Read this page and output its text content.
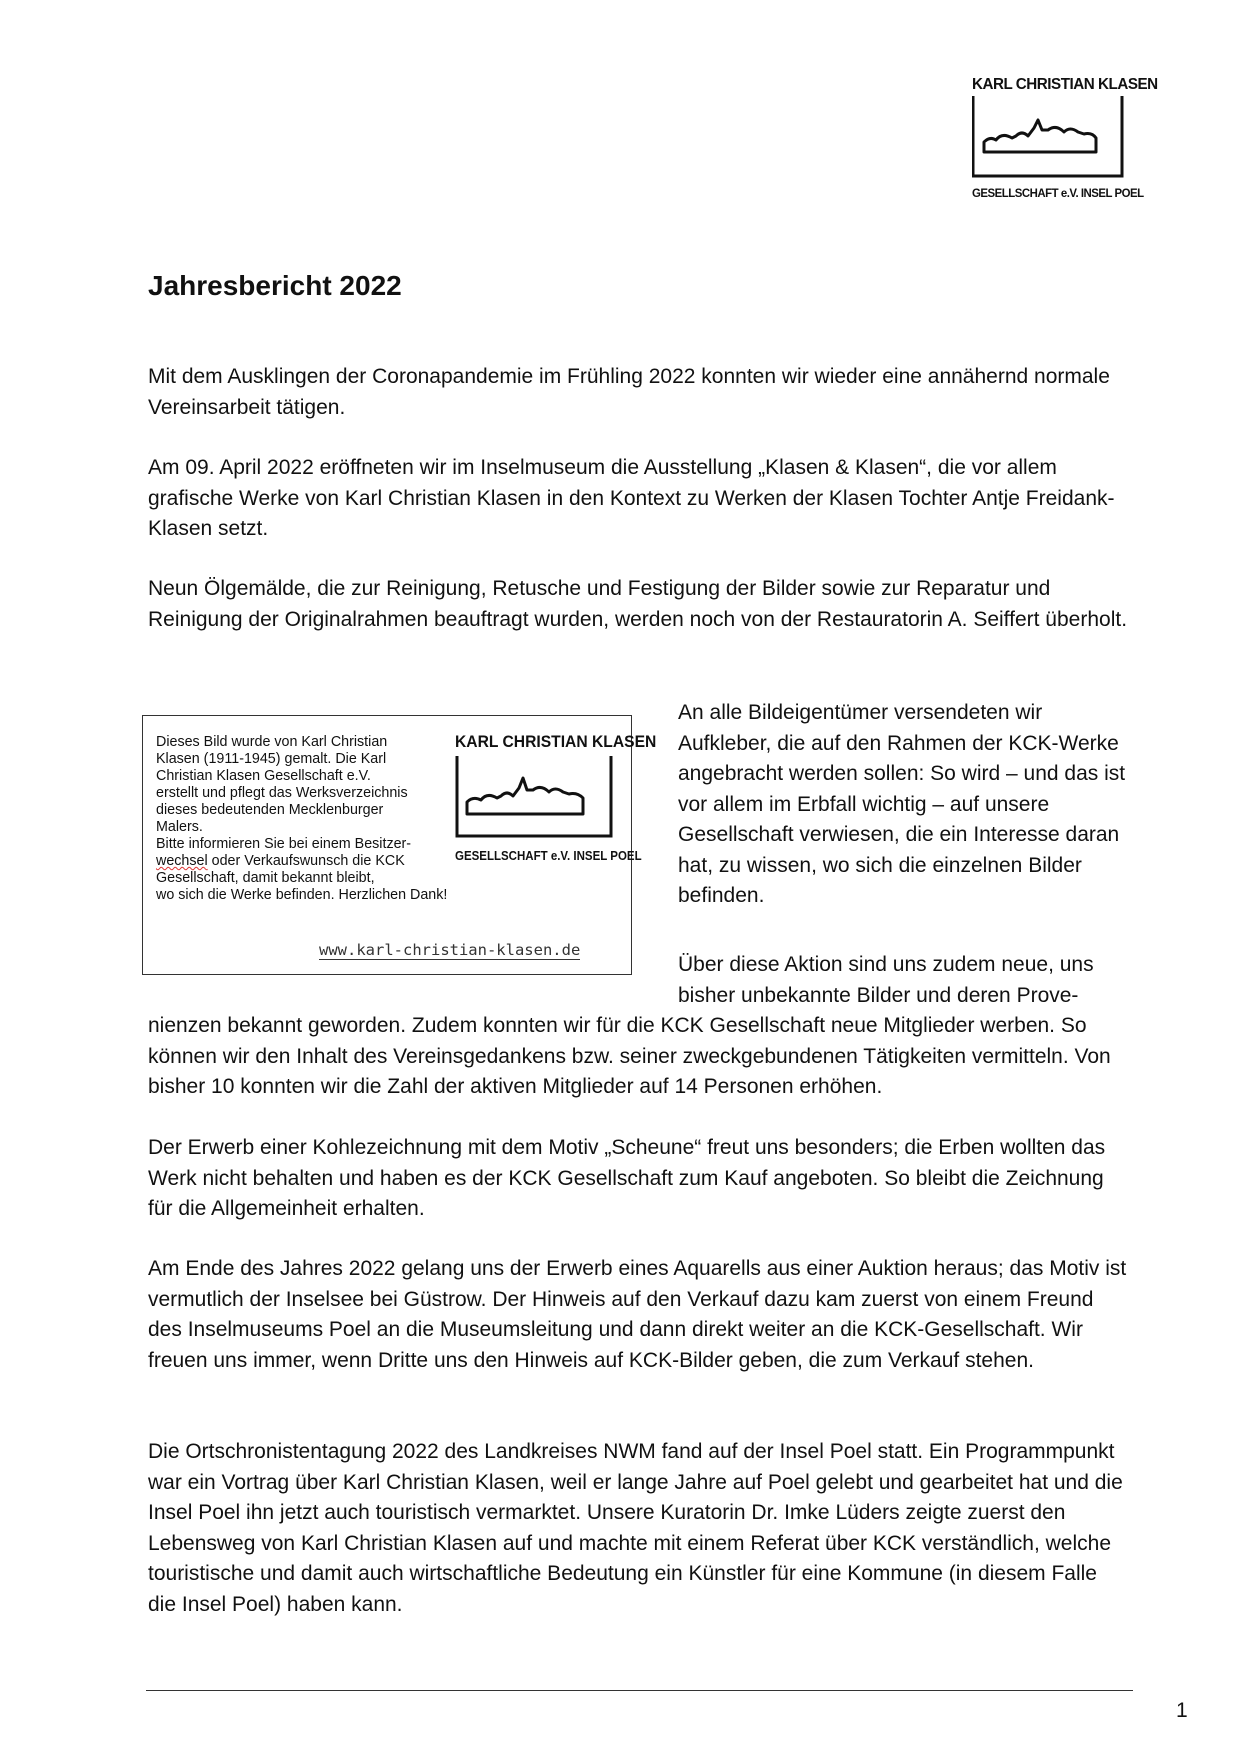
KARL CHRISTIAN KLASEN
GESELLSCHAFT e.V. INSEL POEL
Jahresbericht 2022

Mit dem Ausklingen der Coronapandemie im Frühling 2022 konnten wir wieder eine annähernd normale Vereinsarbeit tätigen.

Am 09. April 2022 eröffneten wir im Inselmuseum die Ausstellung „Klasen & Klasen“, die vor allem grafische Werke von Karl Christian Klasen in den Kontext zu Werken der Klasen Tochter Antje Freidank-Klasen setzt.

Neun Ölgemälde, die zur Reinigung, Retusche und Festigung der Bilder sowie zur Reparatur und Reinigung der Originalrahmen beauftragt wurden, werden noch von der Restauratorin A. Seiffert überholt.

Dieses Bild wurde von Karl Christian
Klasen (1911-1945) gemalt. Die Karl
Christian Klasen Gesellschaft e.V.
erstellt und pflegt das Werksverzeichnis
dieses bedeutenden Mecklenburger
Malers.
Bitte informieren Sie bei einem Besitzer-
wechsel oder Verkaufswunsch die KCK
Gesellschaft, damit bekannt bleibt,
wo sich die Werke befinden. Herzlichen Dank!
KARL CHRISTIAN KLASEN
GESELLSCHAFT e.V. INSEL POEL
www.karl-christian-klasen.de

An alle Bildeigentümer versendeten wir Aufkleber, die auf den Rahmen der KCK-Werke angebracht werden sollen: So wird – und das ist vor allem im Erbfall wichtig – auf unsere Gesellschaft verwiesen, die ein Interesse daran hat, zu wissen, wo sich die einzelnen Bilder befinden.

Über diese Aktion sind uns zudem neue, uns bisher unbekannte Bilder und deren Prove-

nienzen bekannt geworden. Zudem konnten wir für die KCK Gesellschaft neue Mitglieder werben. So können wir den Inhalt des Vereinsgedankens bzw. seiner zweckgebundenen Tätigkeiten vermitteln. Von bisher 10 konnten wir die Zahl der aktiven Mitglieder auf 14 Personen erhöhen.

Der Erwerb einer Kohlezeichnung mit dem Motiv „Scheune“ freut uns besonders; die Erben wollten das Werk nicht behalten und haben es der KCK Gesellschaft zum Kauf angeboten. So bleibt die Zeichnung für die Allgemeinheit erhalten.

Am Ende des Jahres 2022 gelang uns der Erwerb eines Aquarells aus einer Auktion heraus; das Motiv ist vermutlich der Inselsee bei Güstrow. Der Hinweis auf den Verkauf dazu kam zuerst von einem Freund des Inselmuseums Poel an die Museumsleitung und dann direkt weiter an die KCK-Gesellschaft. Wir freuen uns immer, wenn Dritte uns den Hinweis auf KCK-Bilder geben, die zum Verkauf stehen.

Die Ortschronistentagung 2022 des Landkreises NWM fand auf der Insel Poel statt. Ein Programmpunkt war ein Vortrag über Karl Christian Klasen, weil er lange Jahre auf Poel gelebt und gearbeitet hat und die Insel Poel ihn jetzt auch touristisch vermarktet. Unsere Kuratorin Dr. Imke Lüders zeigte zuerst den Lebensweg von Karl Christian Klasen auf und machte mit einem Referat über KCK verständlich, welche touristische und damit auch wirtschaftliche Bedeutung ein Künstler für eine Kommune (in diesem Falle die Insel Poel) haben kann.

1
